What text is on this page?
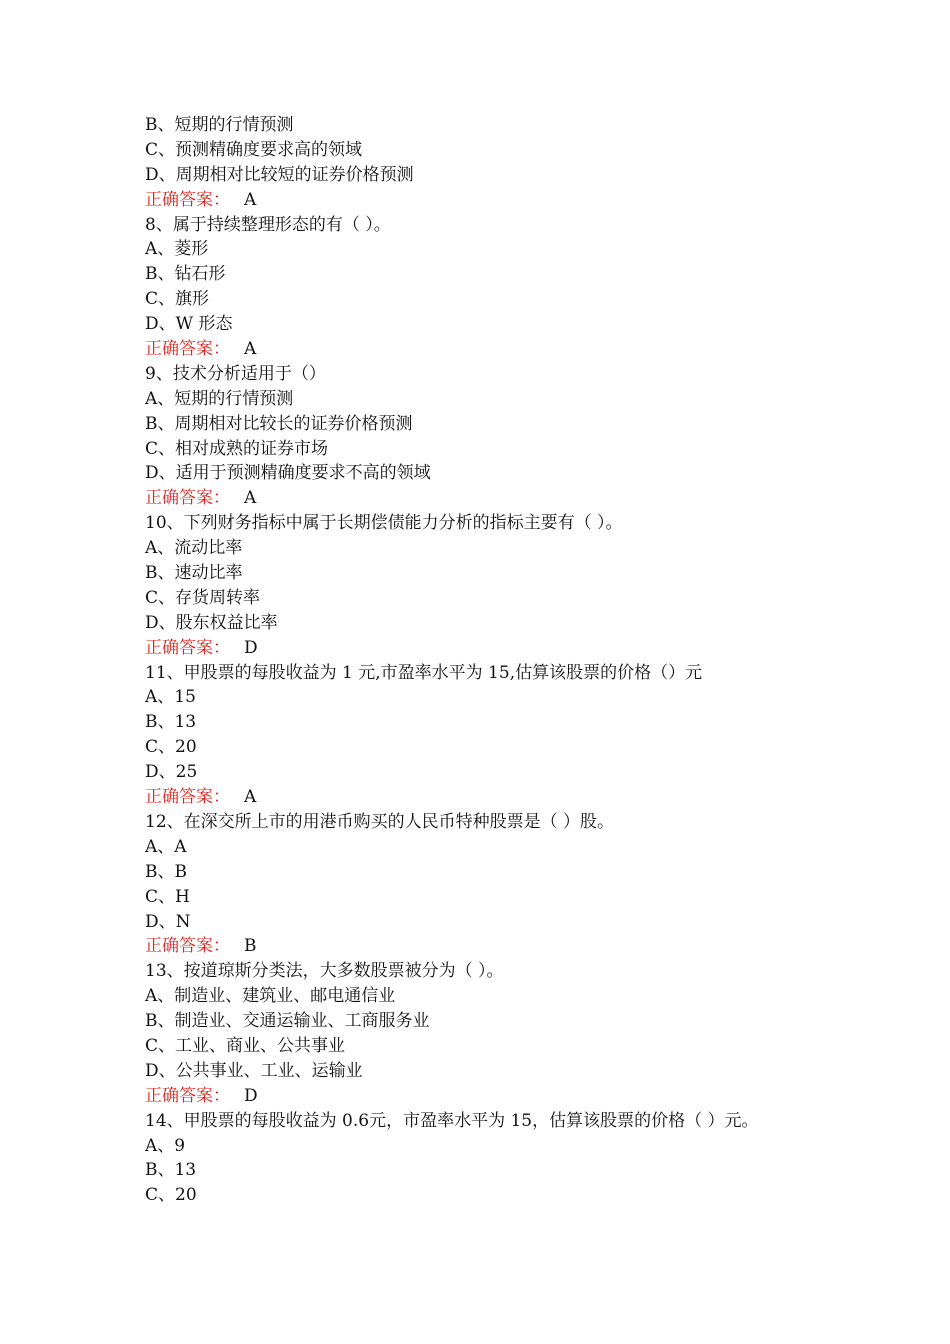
B、短期的行情预测
C、预测精确度要求高的领域
D、周期相对比较短的证券价格预测
正确答案： A
8、属于持续整理形态的有（ ）。
A、菱形
B、钻石形
C、旗形
D、W 形态
正确答案： A
9、技术分析适用于（）
A、短期的行情预测
B、周期相对比较长的证券价格预测
C、相对成熟的证券市场
D、适用于预测精确度要求不高的领域
正确答案： A
10、下列财务指标中属于长期偿债能力分析的指标主要有（ ）。
A、流动比率
B、速动比率
C、存货周转率
D、股东权益比率
正确答案： D
11、甲股票的每股收益为 1 元,市盈率水平为 15,估算该股票的价格（）元
A、15
B、13
C、20
D、25
正确答案： A
12、在深交所上市的用港币购买的人民币特种股票是（ ）股。
A、A
B、B
C、H
D、N
正确答案： B
13、按道琼斯分类法，大多数股票被分为（ ）。
A、制造业、建筑业、邮电通信业
B、制造业、交通运输业、工商服务业
C、工业、商业、公共事业
D、公共事业、工业、运输业
正确答案： D
14、甲股票的每股收益为 0.6元，市盈率水平为 15，估算该股票的价格（ ）元。
A、9
B、13
C、20
